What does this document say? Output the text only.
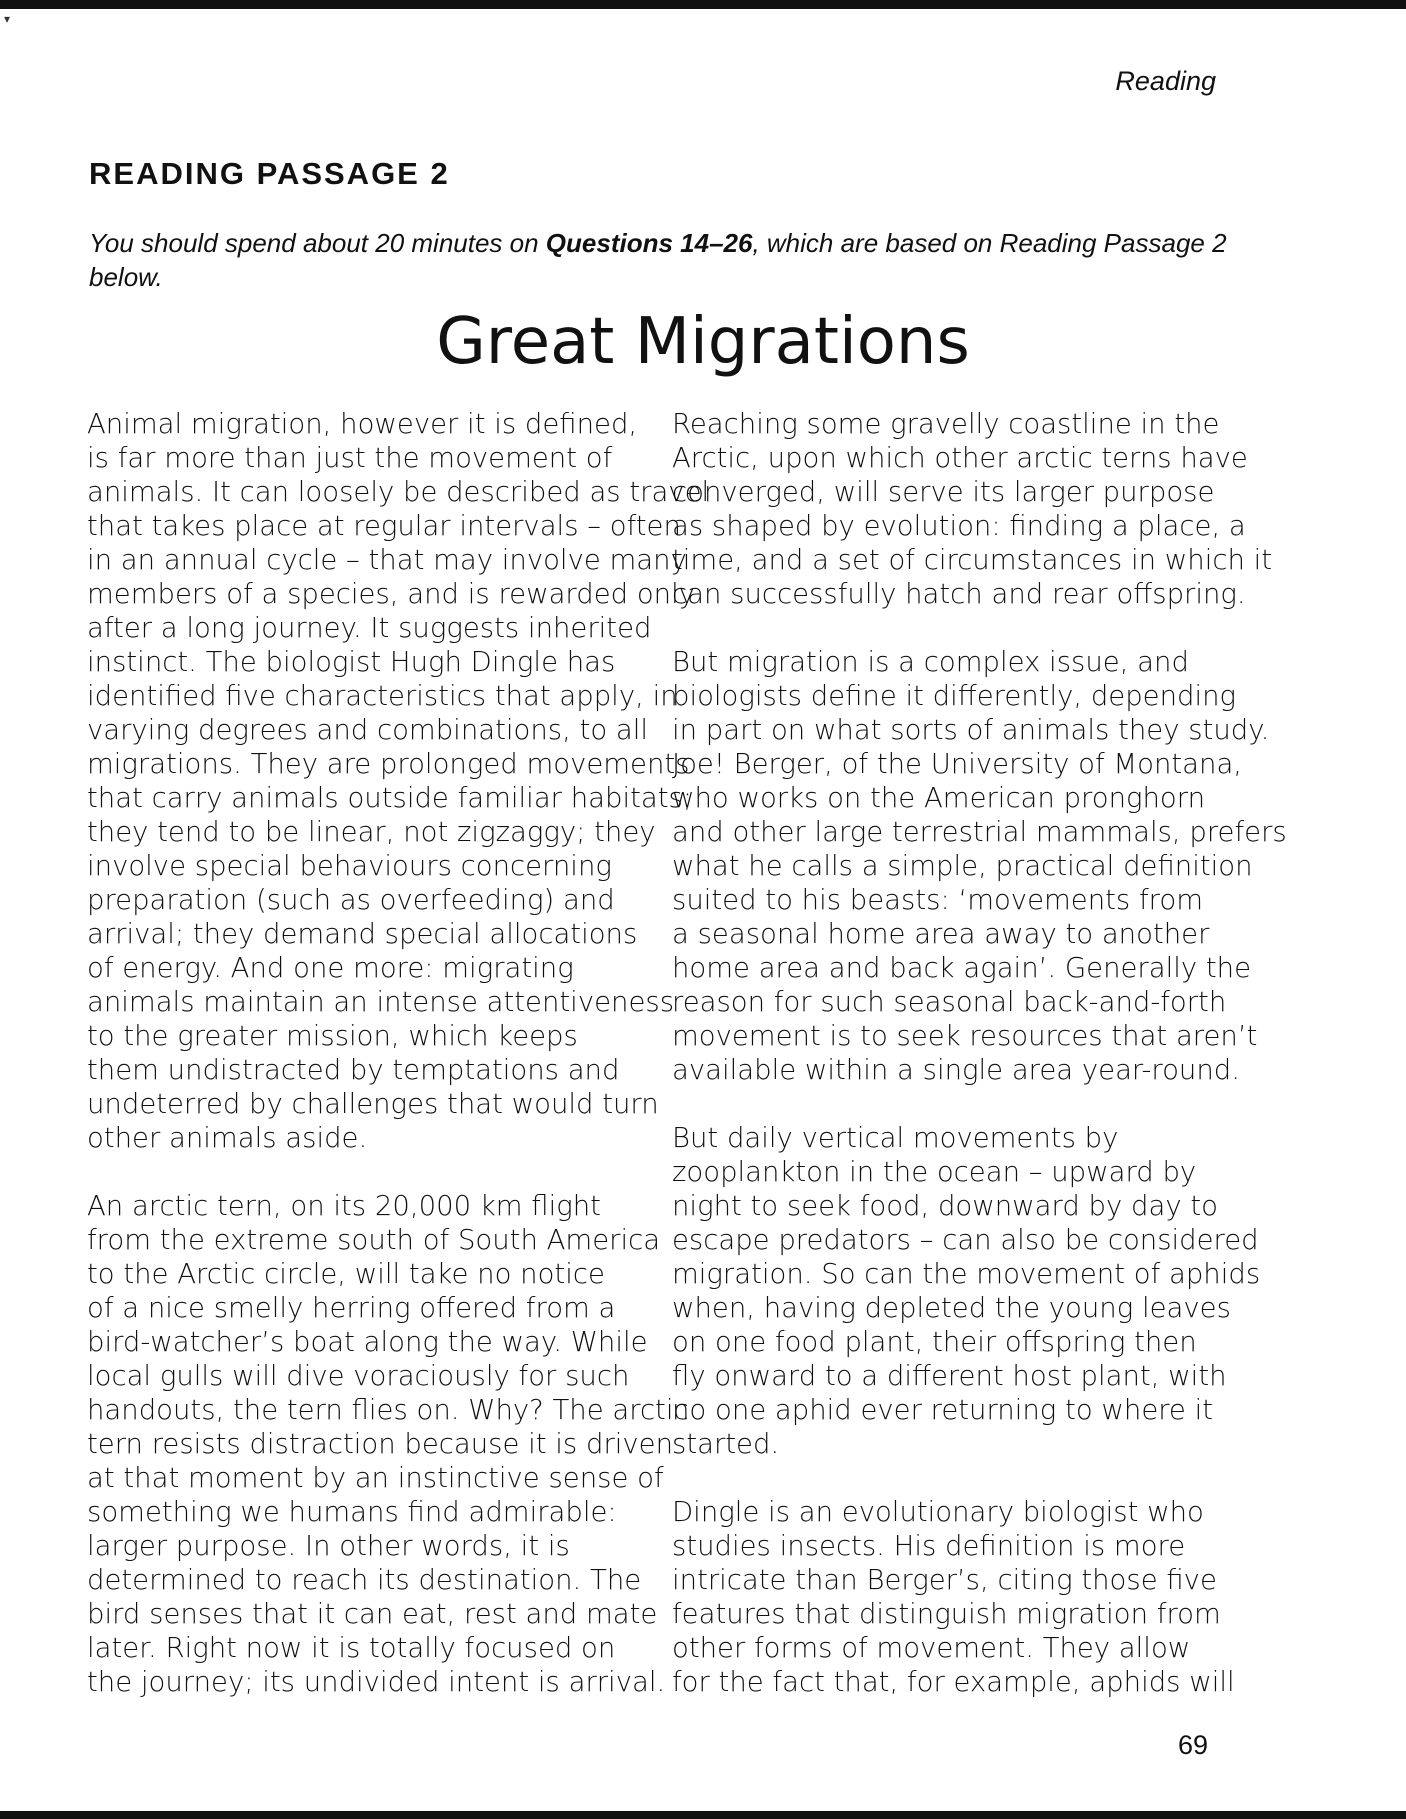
▾
Reading
READING PASSAGE 2
You should spend about 20 minutes on Questions 14–26, which are based on Reading Passage 2 below.
Great Migrations

Animal migration, however it is defined,
is far more than just the movement of
animals. It can loosely be described as travel
that takes place at regular intervals – often
in an annual cycle – that may involve many
members of a species, and is rewarded only
after a long journey. It suggests inherited
instinct. The biologist Hugh Dingle has
identified five characteristics that apply, in
varying degrees and combinations, to all
migrations. They are prolonged movements
that carry animals outside familiar habitats;
they tend to be linear, not zigzaggy; they
involve special behaviours concerning
preparation (such as overfeeding) and
arrival; they demand special allocations
of energy. And one more: migrating
animals maintain an intense attentiveness
to the greater mission, which keeps
them undistracted by temptations and
undeterred by challenges that would turn
other animals aside.

An arctic tern, on its 20,000 km flight
from the extreme south of South America
to the Arctic circle, will take no notice
of a nice smelly herring offered from a
bird-watcher’s boat along the way. While
local gulls will dive voraciously for such
handouts, the tern flies on. Why? The arctic
tern resists distraction because it is driven
at that moment by an instinctive sense of
something we humans find admirable:
larger purpose. In other words, it is
determined to reach its destination. The
bird senses that it can eat, rest and mate
later. Right now it is totally focused on
the journey; its undivided intent is arrival.

Reaching some gravelly coastline in the
Arctic, upon which other arctic terns have
converged, will serve its larger purpose
as shaped by evolution: finding a place, a
time, and a set of circumstances in which it
can successfully hatch and rear offspring.

But migration is a complex issue, and
biologists define it differently, depending
in part on what sorts of animals they study.
Joe! Berger, of the University of Montana,
who works on the American pronghorn
and other large terrestrial mammals, prefers
what he calls a simple, practical definition
suited to his beasts: ‘movements from
a seasonal home area away to another
home area and back again’. Generally the
reason for such seasonal back-and-forth
movement is to seek resources that aren’t
available within a single area year-round.

But daily vertical movements by
zooplankton in the ocean – upward by
night to seek food, downward by day to
escape predators – can also be considered
migration. So can the movement of aphids
when, having depleted the young leaves
on one food plant, their offspring then
fly onward to a different host plant, with
no one aphid ever returning to where it
started.

Dingle is an evolutionary biologist who
studies insects. His definition is more
intricate than Berger’s, citing those five
features that distinguish migration from
other forms of movement. They allow
for the fact that, for example, aphids will

69
